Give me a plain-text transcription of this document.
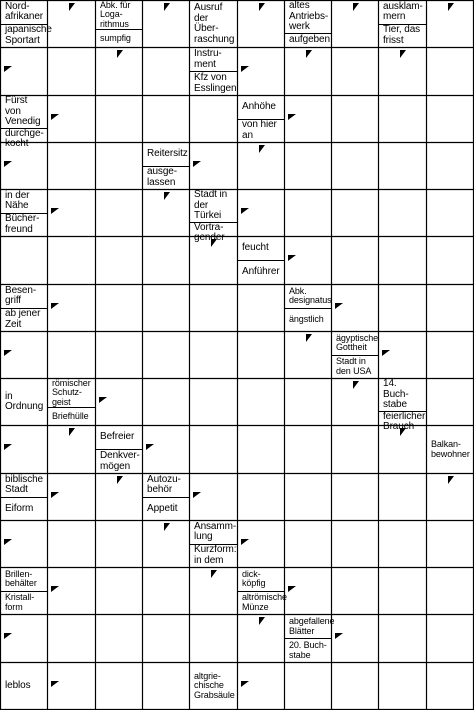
Nord-afrikaner
japanische Sportart
Abk. für Loga-rithmus
sumpfig
Ausruf der Über-raschung
altes Antriebs-werk
aufgeben
ausklam-mern
Tier, das frisst
Instru-ment
Kfz von Esslingen
Fürst von Venedig
durchge-kocht
Anhöhe
von hier an
Reitersitz
ausge-lassen
in der Nähe
Bücher-freund
Stadt in der Türkei
Vortra-gender
feucht
Anführer
Besen-griff
ab jener Zeit
Abk. designatus
ängstlich
ägyptische Gottheit
Stadt in den USA
in Ordnung
römischer Schutz-geist
Briefhülle
14. Buch-stabe
feierlicher Brauch
Befreier
Denkver-mögen
Balkan-bewohner
biblische Stadt
Eiform
Autozu-behör
Appetit
Ansamm-lung
Kurzform: in dem
Brillen-behälter
Kristall-form
dick-köpfig
altrömische Münze
abgefallene Blätter
20. Buch-stabe
leblos
altgrie-chische Grabsäule
